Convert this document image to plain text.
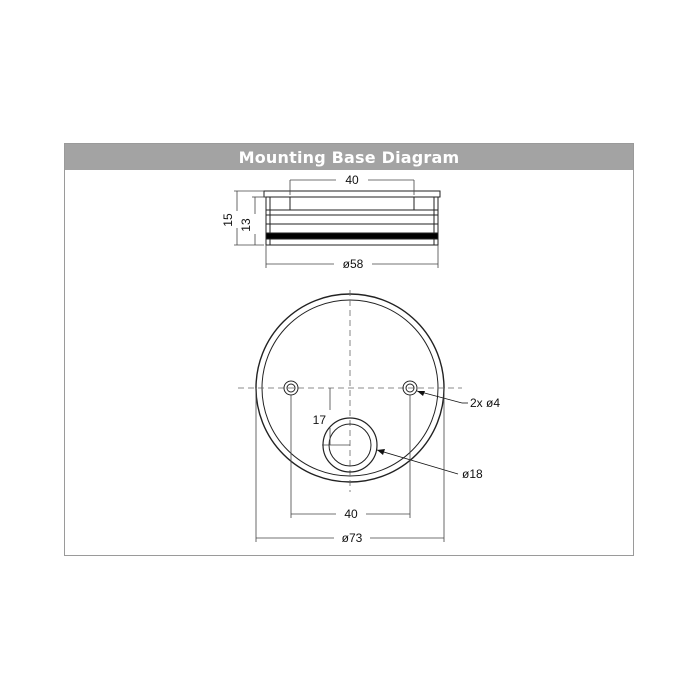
Mounting Base Diagram
40
ø58
15 13
2x ø4
ø18
17
40
ø73
